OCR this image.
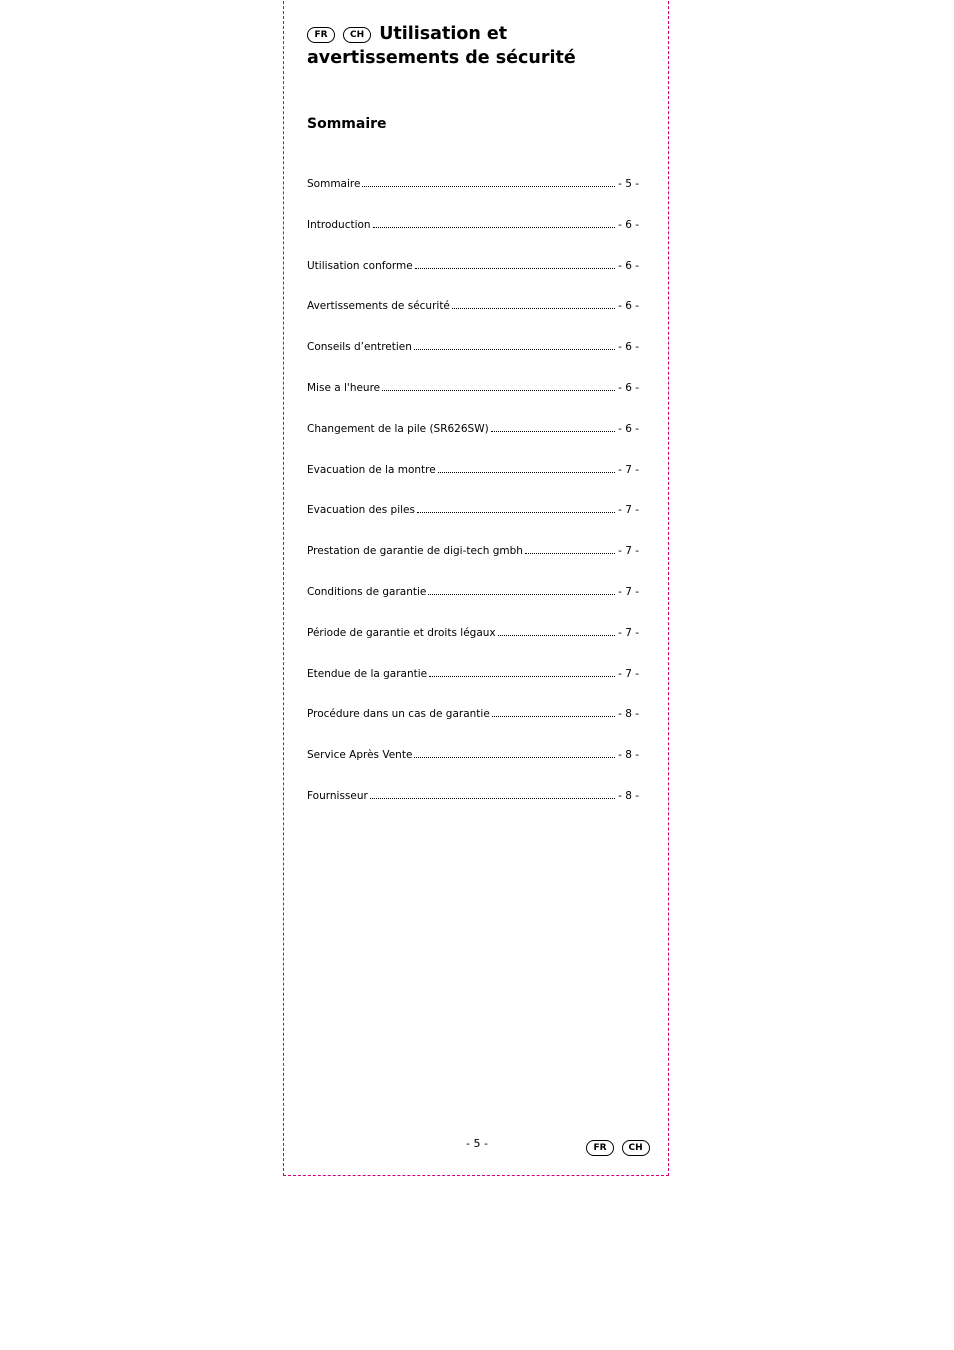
FR CH Utilisation et avertissements de sécurité
Sommaire
Sommaire	- 5 -
Introduction	- 6 -
Utilisation conforme	- 6 -
Avertissements de sécurité	- 6 -
Conseils d’entretien	- 6 -
Mise a l'heure	- 6 -
Changement de la pile (SR626SW)	- 6 -
Evacuation de la montre	- 7 -
Evacuation des piles	- 7 -
Prestation de garantie de digi-tech gmbh	- 7 -
Conditions de garantie	- 7 -
Période de garantie et droits légaux	- 7 -
Etendue de la garantie	- 7 -
Procédure dans un cas de garantie	- 8 -
Service Après Vente	- 8 -
Fournisseur	- 8 -
- 5 -	FR CH
